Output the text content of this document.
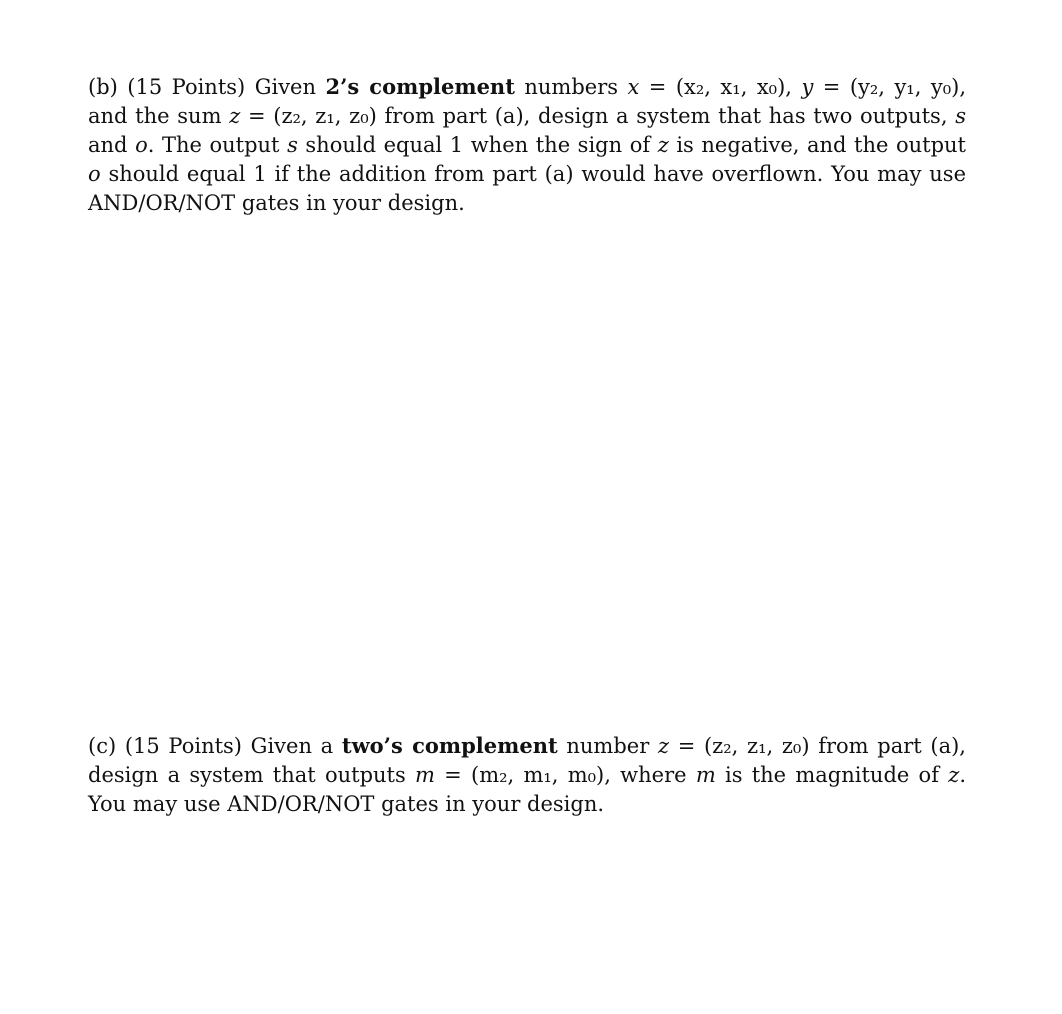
(b) (15 Points) Given 2’s complement numbers x = (x₂, x₁, x₀), y = (y₂, y₁, y₀), and the sum z = (z₂, z₁, z₀) from part (a), design a system that has two outputs, s and o. The output s should equal 1 when the sign of z is negative, and the output o should equal 1 if the addition from part (a) would have overflown. You may use AND/OR/NOT gates in your design.

(c) (15 Points) Given a two’s complement number z = (z₂, z₁, z₀) from part (a), design a system that outputs m = (m₂, m₁, m₀), where m is the magnitude of z. You may use AND/OR/NOT gates in your design.
